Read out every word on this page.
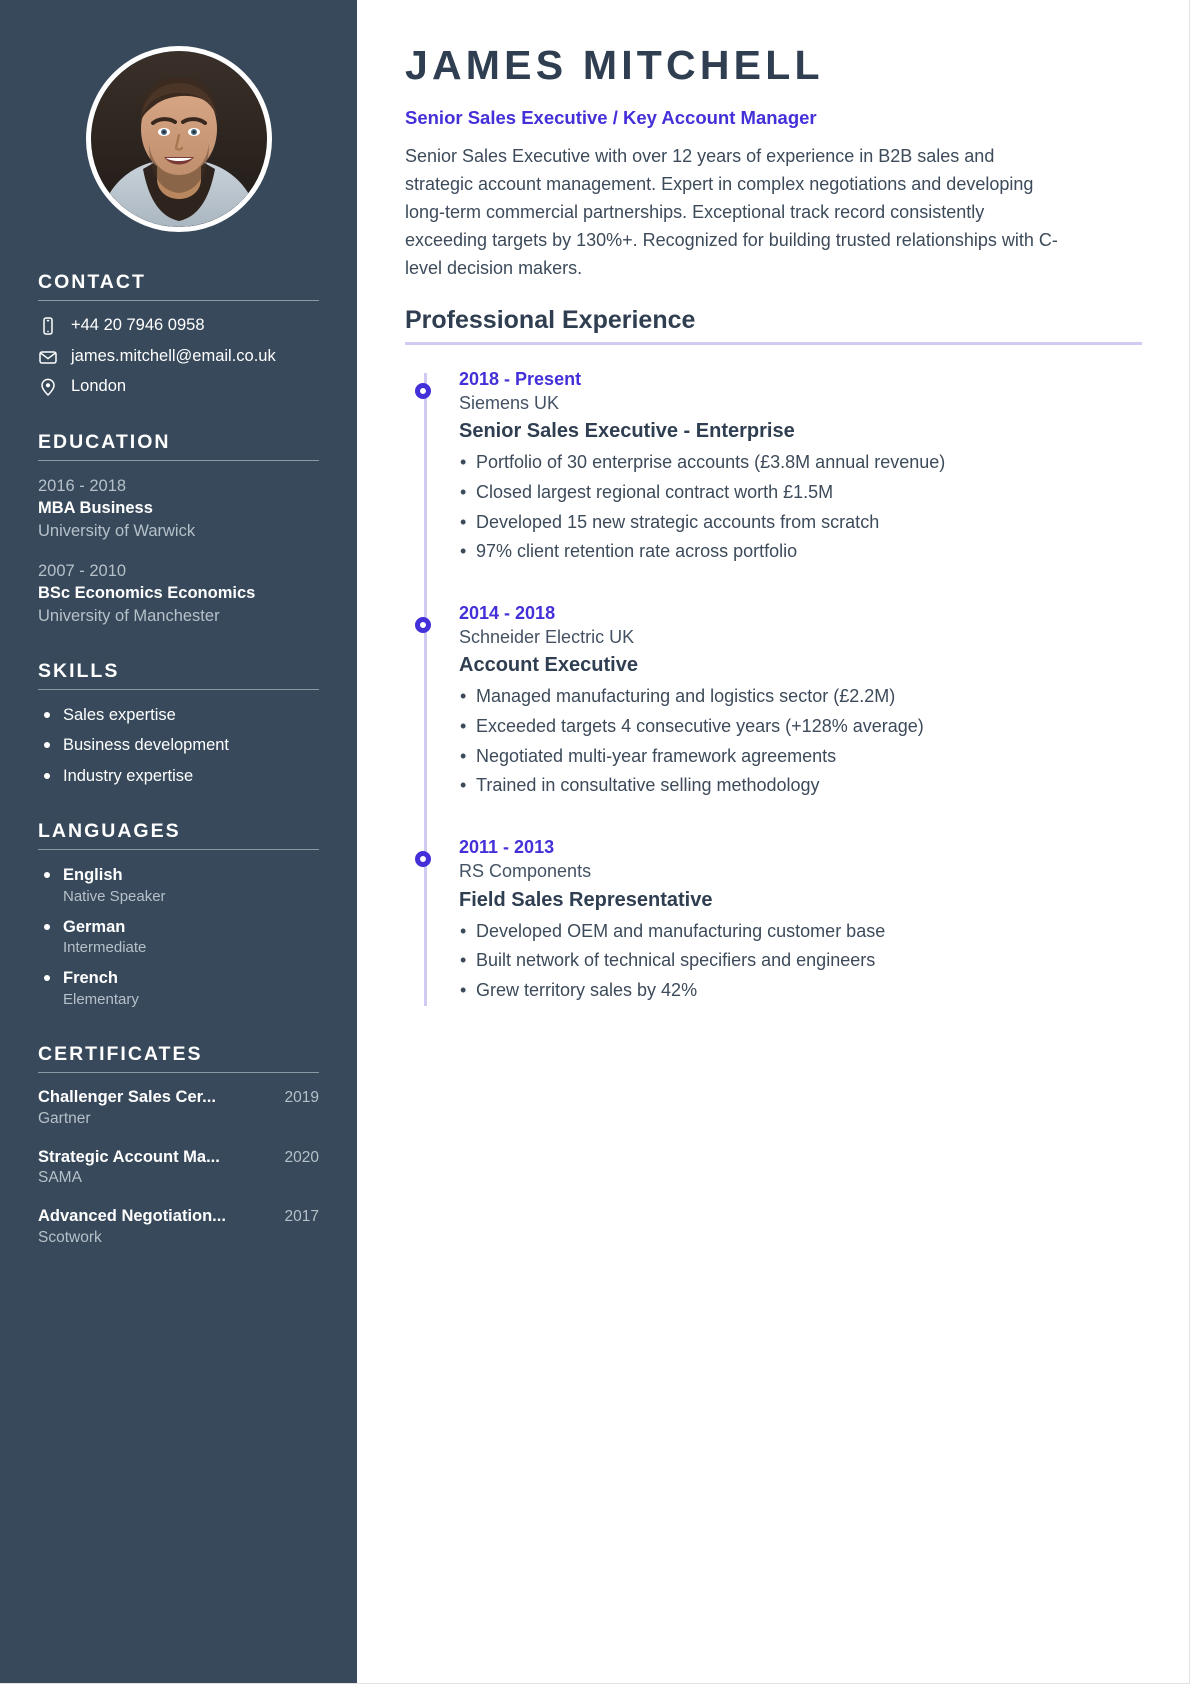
CONTACT
+44 20 7946 0958
james.mitchell@email.co.uk
London
EDUCATION
2016 - 2018
MBA Business
University of Warwick
2007 - 2010
BSc Economics Economics
University of Manchester
SKILLS
Sales expertise
Business development
Industry expertise
LANGUAGES
English
Native Speaker
German
Intermediate
French
Elementary
CERTIFICATES
Challenger Sales Cer...	2019
Gartner
Strategic Account Ma...	2020
SAMA
Advanced Negotiation...	2017
Scotwork
JAMES MITCHELL
Senior Sales Executive / Key Account Manager

Senior Sales Executive with over 12 years of experience in B2B sales and strategic account management. Expert in complex negotiations and developing long-term commercial partnerships. Exceptional track record consistently exceeding targets by 130%+. Recognized for building trusted relationships with C-level decision makers.

Professional Experience
2018 - Present
Siemens UK
Senior Sales Executive - Enterprise
• Portfolio of 30 enterprise accounts (£3.8M annual revenue)
• Closed largest regional contract worth £1.5M
• Developed 15 new strategic accounts from scratch
• 97% client retention rate across portfolio
2014 - 2018
Schneider Electric UK
Account Executive
• Managed manufacturing and logistics sector (£2.2M)
• Exceeded targets 4 consecutive years (+128% average)
• Negotiated multi-year framework agreements
• Trained in consultative selling methodology
2011 - 2013
RS Components
Field Sales Representative
• Developed OEM and manufacturing customer base
• Built network of technical specifiers and engineers
• Grew territory sales by 42%
